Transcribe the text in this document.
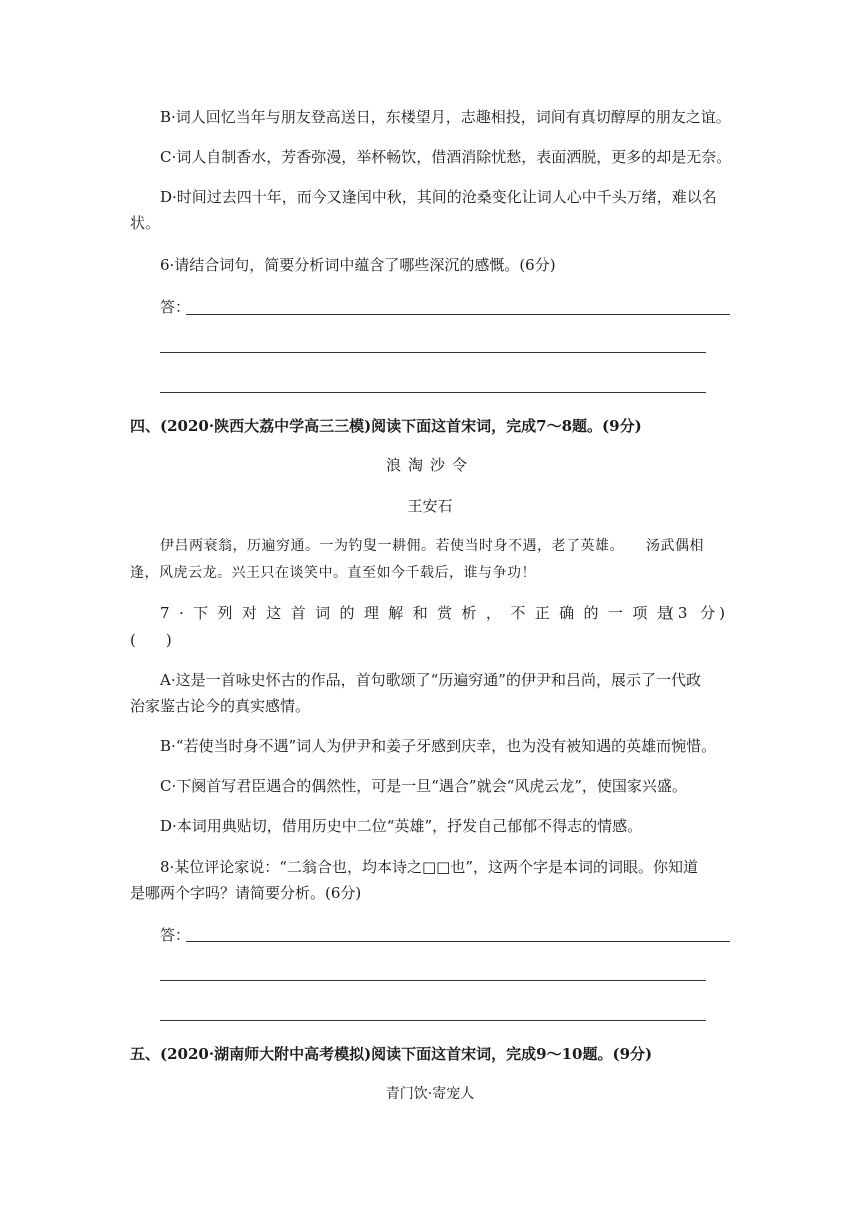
B·词人回忆当年与朋友登高送日，东楼望月，志趣相投，词间有真切醇厚的朋友之谊。
C·词人自制香水，芳香弥漫，举杯畅饮，借酒消除忧愁，表面洒脱，更多的却是无奈。
D·时间过去四十年，而今又逢闰中秋，其间的沧桑变化让词人心中千头万绪，难以名
状。
6·请结合词句，简要分析词中蕴含了哪些深沉的感慨。(6分)
答：
四、(2020·陕西大荔中学高三三模)阅读下面这首宋词，完成7～8题。(9分)
浪淘沙令
王安石
伊吕两衰翁，历遍穷通。一为钓叟一耕佣。若使当时身不遇，老了英雄。　　汤武偶相
逢，风虎云龙。兴王只在谈笑中。直至如今千载后，谁与争功！
7·下列对这首词的理解和赏析，不正确的一项是
(3 分)
(　　)
A·这是一首咏史怀古的作品，首句歌颂了“历遍穷通”的伊尹和吕尚，展示了一代政
治家鉴古论今的真实感情。
B·“若使当时身不遇”词人为伊尹和姜子牙感到庆幸，也为没有被知遇的英雄而惋惜。
C·下阕首写君臣遇合的偶然性，可是一旦“遇合”就会“风虎云龙”，使国家兴盛。
D·本词用典贴切，借用历史中二位“英雄”，抒发自己郁郁不得志的情感。
8·某位评论家说：“二翁合也，均本诗之□□也”，这两个字是本词的词眼。你知道
是哪两个字吗？请简要分析。(6分)
答：
五、(2020·湖南师大附中高考模拟)阅读下面这首宋词，完成9～10题。(9分)
青门饮·寄宠人
